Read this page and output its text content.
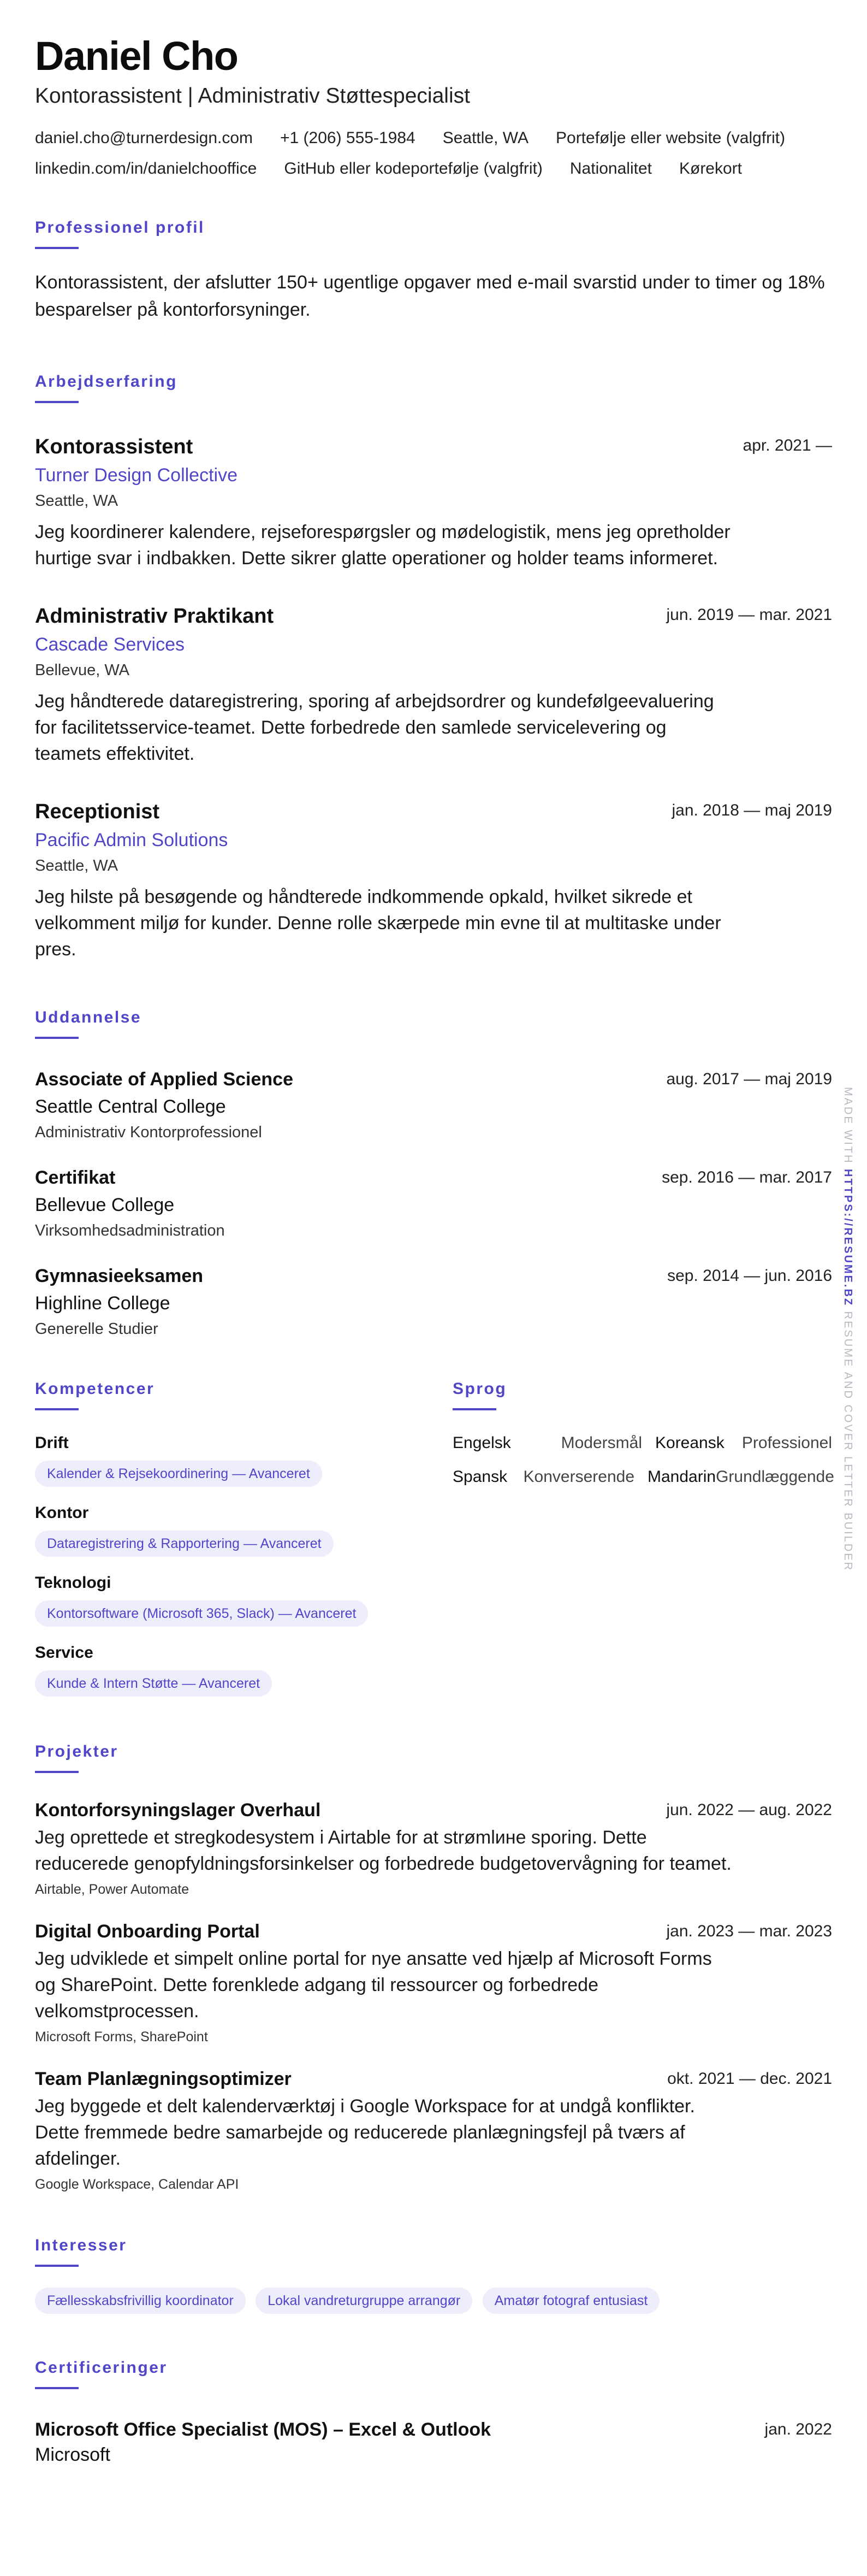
Daniel Cho
Kontorassistent | Administrativ Støttespecialist
daniel.cho@turnerdesign.com +1 (206) 555-1984 Seattle, WA Portefølje eller website (valgfrit)
linkedin.com/in/danielchooffice GitHub eller kodeportefølje (valgfrit) Nationalitet Kørekort
Professionel profil
Kontorassistent, der afslutter 150+ ugentlige opgaver med e-mail svarstid under to timer og 18% besparelser på kontorforsyninger.
Arbejdserfaring
Kontorassistent	apr. 2021 —
Turner Design Collective
Seattle, WA
Jeg koordinerer kalendere, rejseforespørgsler og mødelogistik, mens jeg opretholder hurtige svar i indbakken. Dette sikrer glatte operationer og holder teams informeret.
Administrativ Praktikant	jun. 2019 — mar. 2021
Cascade Services
Bellevue, WA
Jeg håndterede dataregistrering, sporing af arbejdsordrer og kundefølgeevaluering for facilitetsservice-teamet. Dette forbedrede den samlede servicelevering og teamets effektivitet.
Receptionist	jan. 2018 — maj 2019
Pacific Admin Solutions
Seattle, WA
Jeg hilste på besøgende og håndterede indkommende opkald, hvilket sikrede et velkomment miljø for kunder. Denne rolle skærpede min evne til at multitaske under pres.
Uddannelse
Associate of Applied Science	aug. 2017 — maj 2019
Seattle Central College
Administrativ Kontorprofessionel
Certifikat	sep. 2016 — mar. 2017
Bellevue College
Virksomhedsadministration
Gymnasieeksamen	sep. 2014 — jun. 2016
Highline College
Generelle Studier
Kompetencer
Drift
Kalender & Rejsekoordinering — Avanceret
Kontor
Dataregistrering & Rapportering — Avanceret
Teknologi
Kontorsoftware (Microsoft 365, Slack) — Avanceret
Service
Kunde & Intern Støtte — Avanceret
Sprog
Engelsk	Modersmål Koreansk Professionel
Spansk Konverserende Mandarin Grundlæggende
Projekter
Kontorforsyningslager Overhaul	jun. 2022 — aug. 2022
Jeg oprettede et stregkodesystem i Airtable for at strømlинe sporing. Dette reducerede genopfyldningsforsinkelser og forbedrede budgetovervågning for teamet.
Airtable, Power Automate
Digital Onboarding Portal	jan. 2023 — mar. 2023
Jeg udviklede et simpelt online portal for nye ansatte ved hjælp af Microsoft Forms og SharePoint. Dette forenklede adgang til ressourcer og forbedrede velkomstprocessen.
Microsoft Forms, SharePoint
Team Planlægningsoptimizer	okt. 2021 — dec. 2021
Jeg byggede et delt kalenderværktøj i Google Workspace for at undgå konflikter. Dette fremmede bedre samarbejde og reducerede planlægningsfejl på tværs af afdelinger.
Google Workspace, Calendar API
Interesser
Fællesskabsfrivillig koordinator Lokal vandreturgruppe arrangør Amatør fotograf entusiast
Certificeringer
Microsoft Office Specialist (MOS) – Excel & Outlook	jan. 2022
Microsoft
MADE WITH HTTPS://RESUME.BZ RESUME AND COVER LETTER BUILDER
